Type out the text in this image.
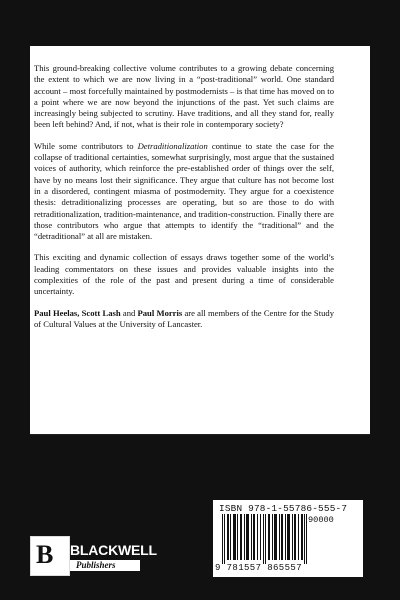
This ground-breaking collective volume contributes to a growing debate concerning the extent to which we are now living in a “post-traditional” world. One standard account – most forcefully maintained by postmodernists – is that time has moved on to a point where we are now beyond the injunctions of the past. Yet such claims are increasingly being subjected to scrutiny. Have traditions, and all they stand for, really been left behind? And, if not, what is their role in contemporary society?

While some contributors to Detraditionalization continue to state the case for the collapse of traditional certainties, somewhat surprisingly, most argue that the sustained voices of authority, which reinforce the pre-established order of things over the self, have by no means lost their significance. They argue that culture has not become lost in a disordered, contingent miasma of postmodernity. They argue for a coexistence thesis: detraditionalizing processes are operating, but so are those to do with retraditionalization, tradition-maintenance, and tradition-construction. Finally there are those contributors who argue that attempts to identify the “traditional” and the “detraditional” at all are mistaken.

This exciting and dynamic collection of essays draws together some of the world’s leading commentators on these issues and provides valuable insights into the complexities of the role of the past and present during a time of considerable uncertainty.

Paul Heelas, Scott Lash and Paul Morris are all members of the Centre for the Study of Cultural Values at the University of Lancaster.

ISBN 978-1-55786-555-7
90000
9 781557 865557
B BLACKWELL
Publishers
